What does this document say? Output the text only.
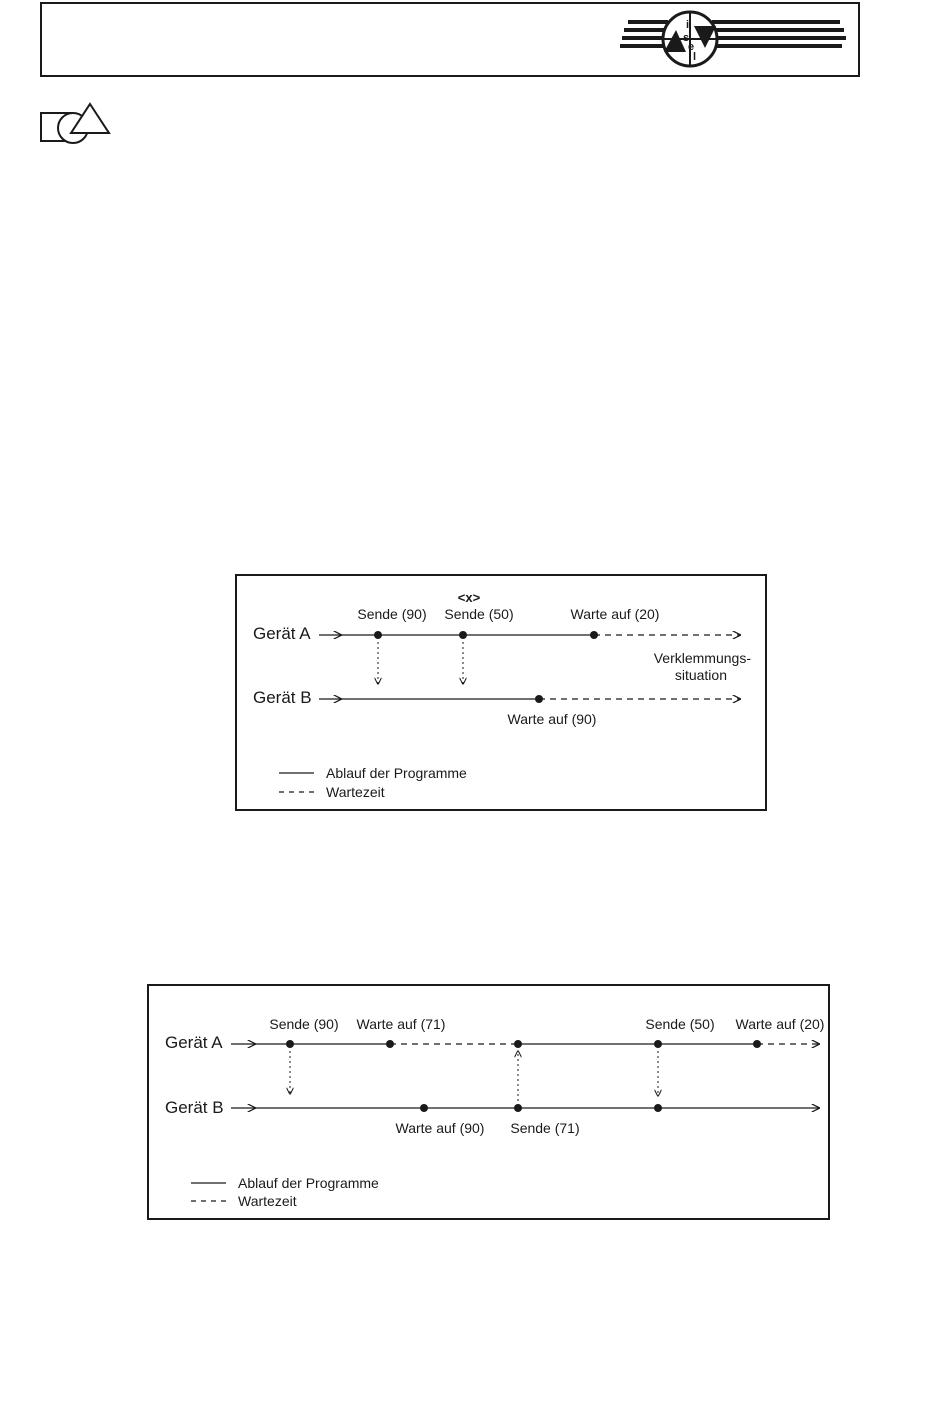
i
s
e
l
Gerät A
Gerät B
<x>
Sende (90) Sende (50)	Warte auf (20)
Verklemmungs-
situation
Warte auf (90)
Ablauf der Programme
Wartezeit
Gerät A
Gerät B
Sende (90) Warte auf (71)	Sende (50) Warte auf (20)
Warte auf (90) Sende (71)
Ablauf der Programme
Wartezeit
